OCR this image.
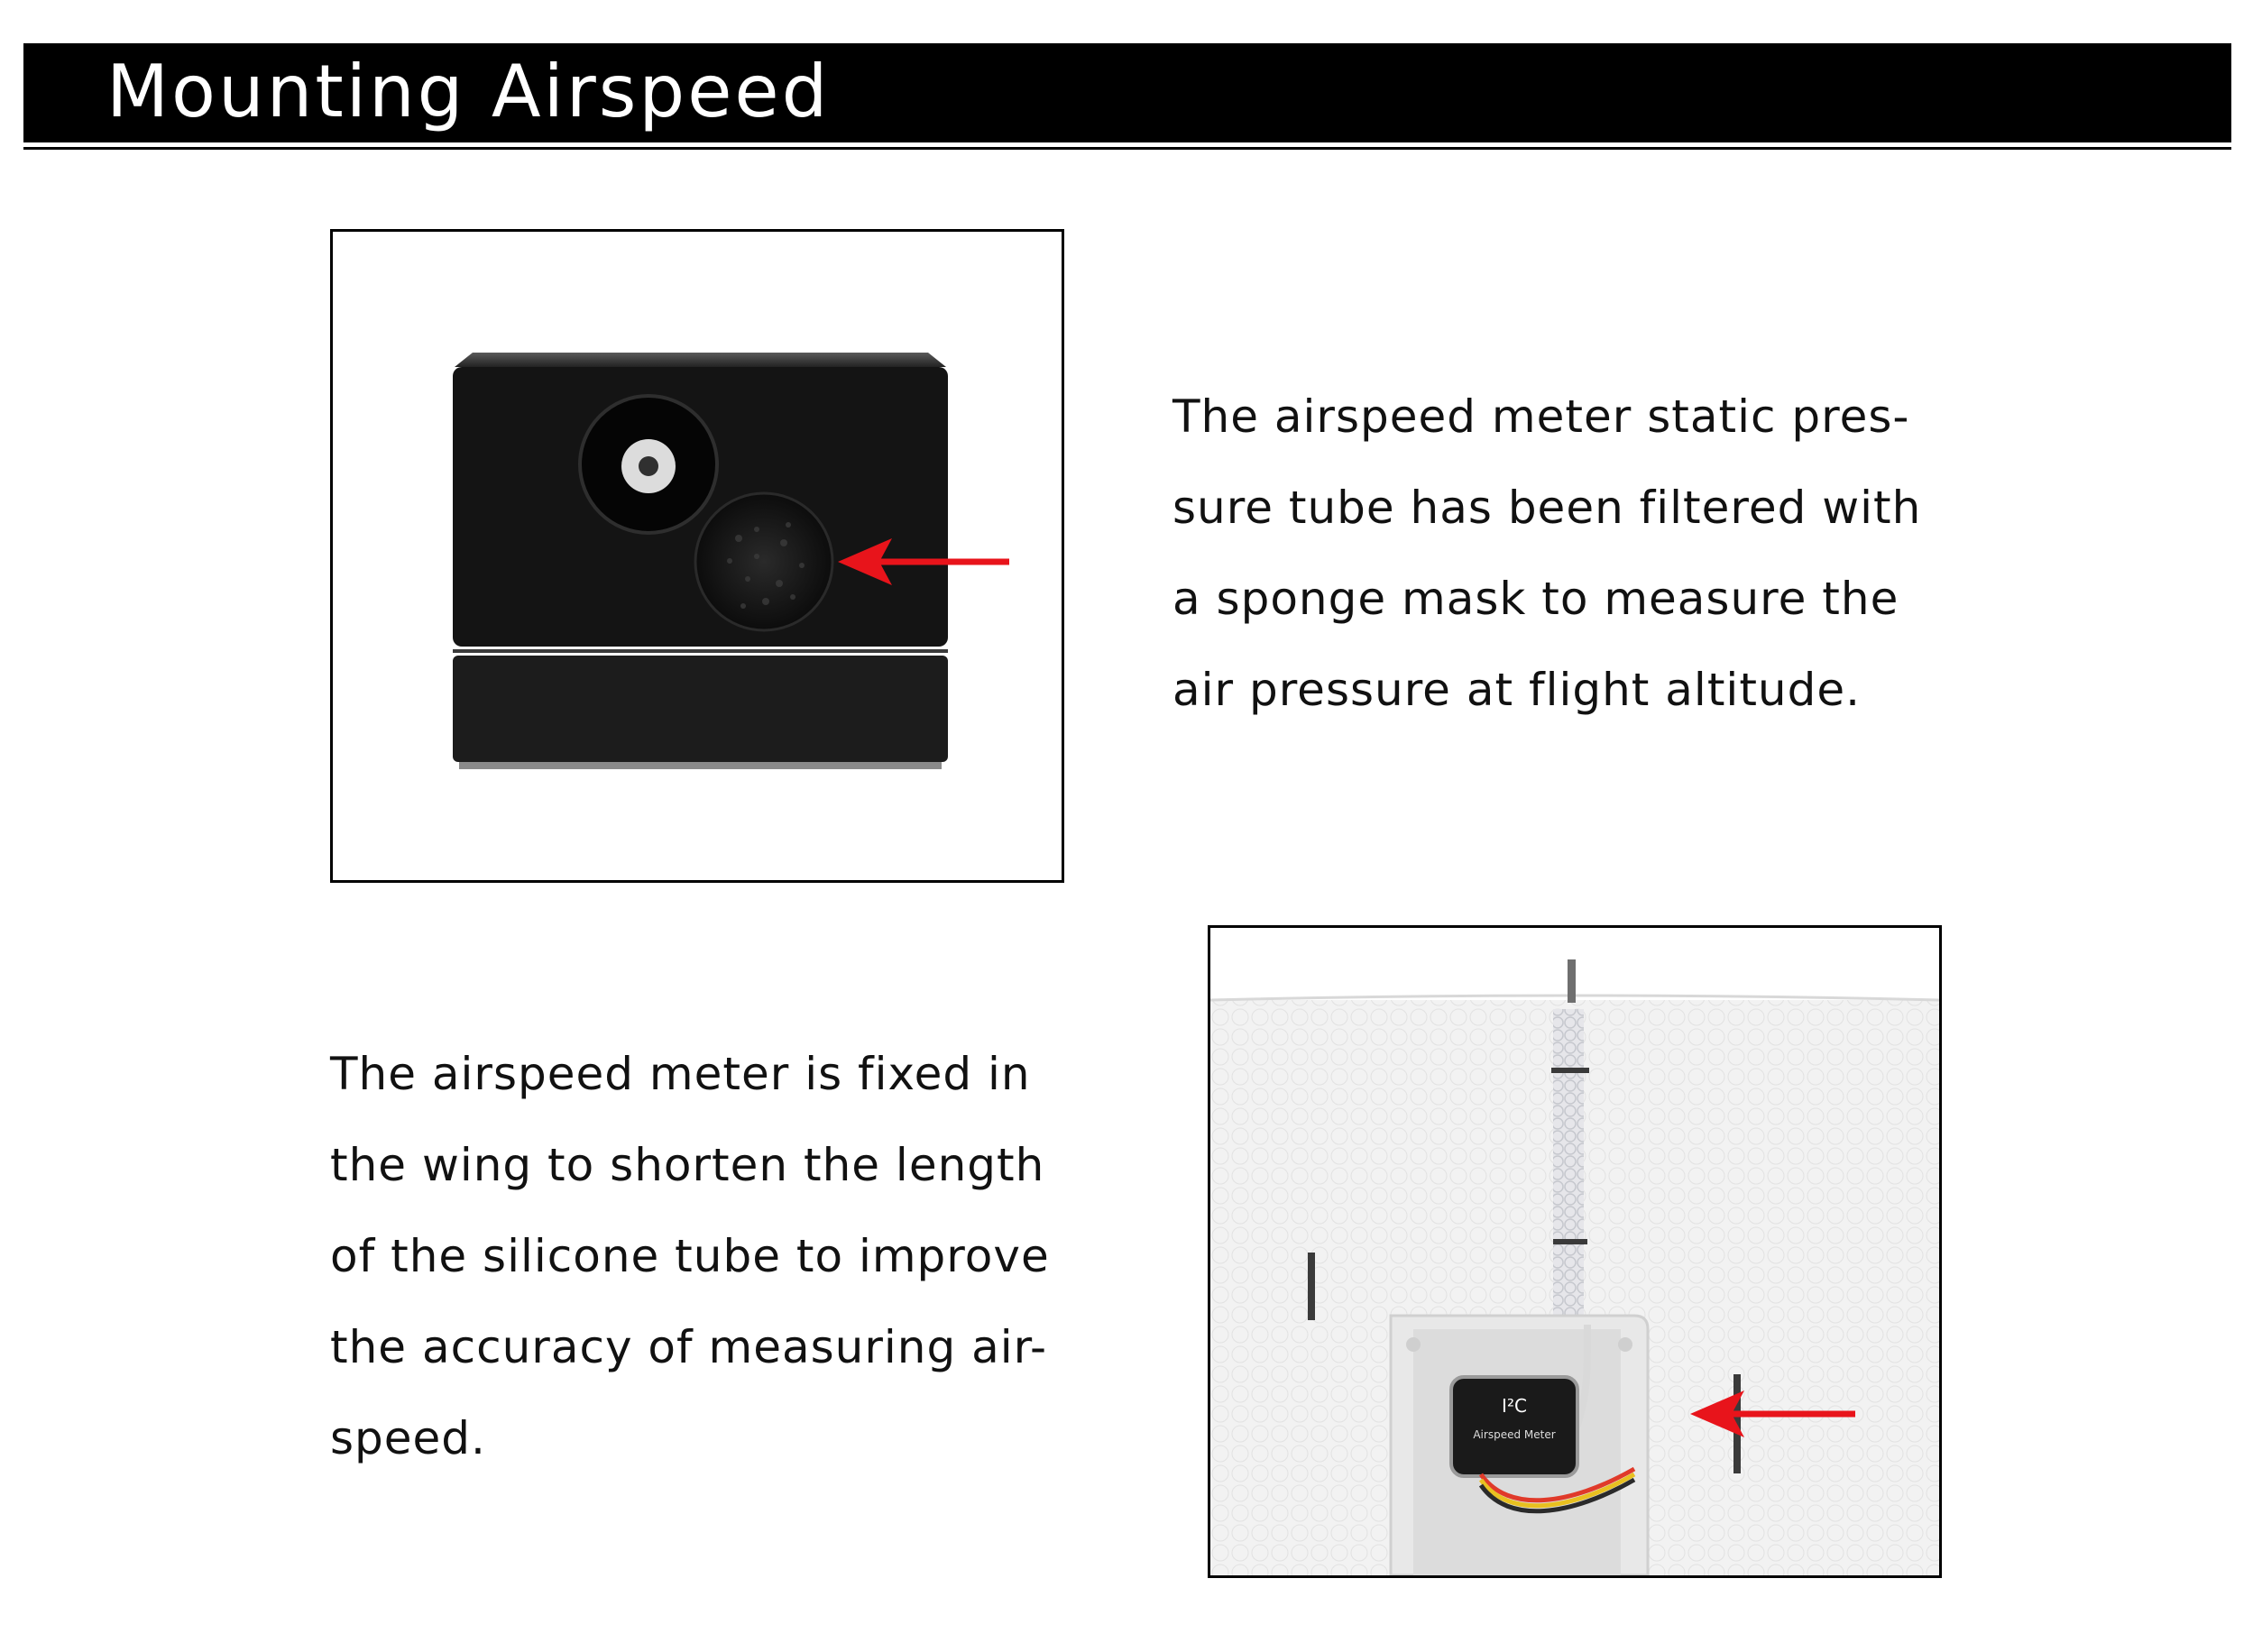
Mounting Airspeed

The airspeed meter static pres-
sure tube has been filtered with
a sponge mask to measure the
air pressure at flight altitude.

The airspeed meter is fixed in
the wing to shorten the length
of the silicone tube to improve
the accuracy of measuring air-
speed.

I²C
Airspeed Meter
